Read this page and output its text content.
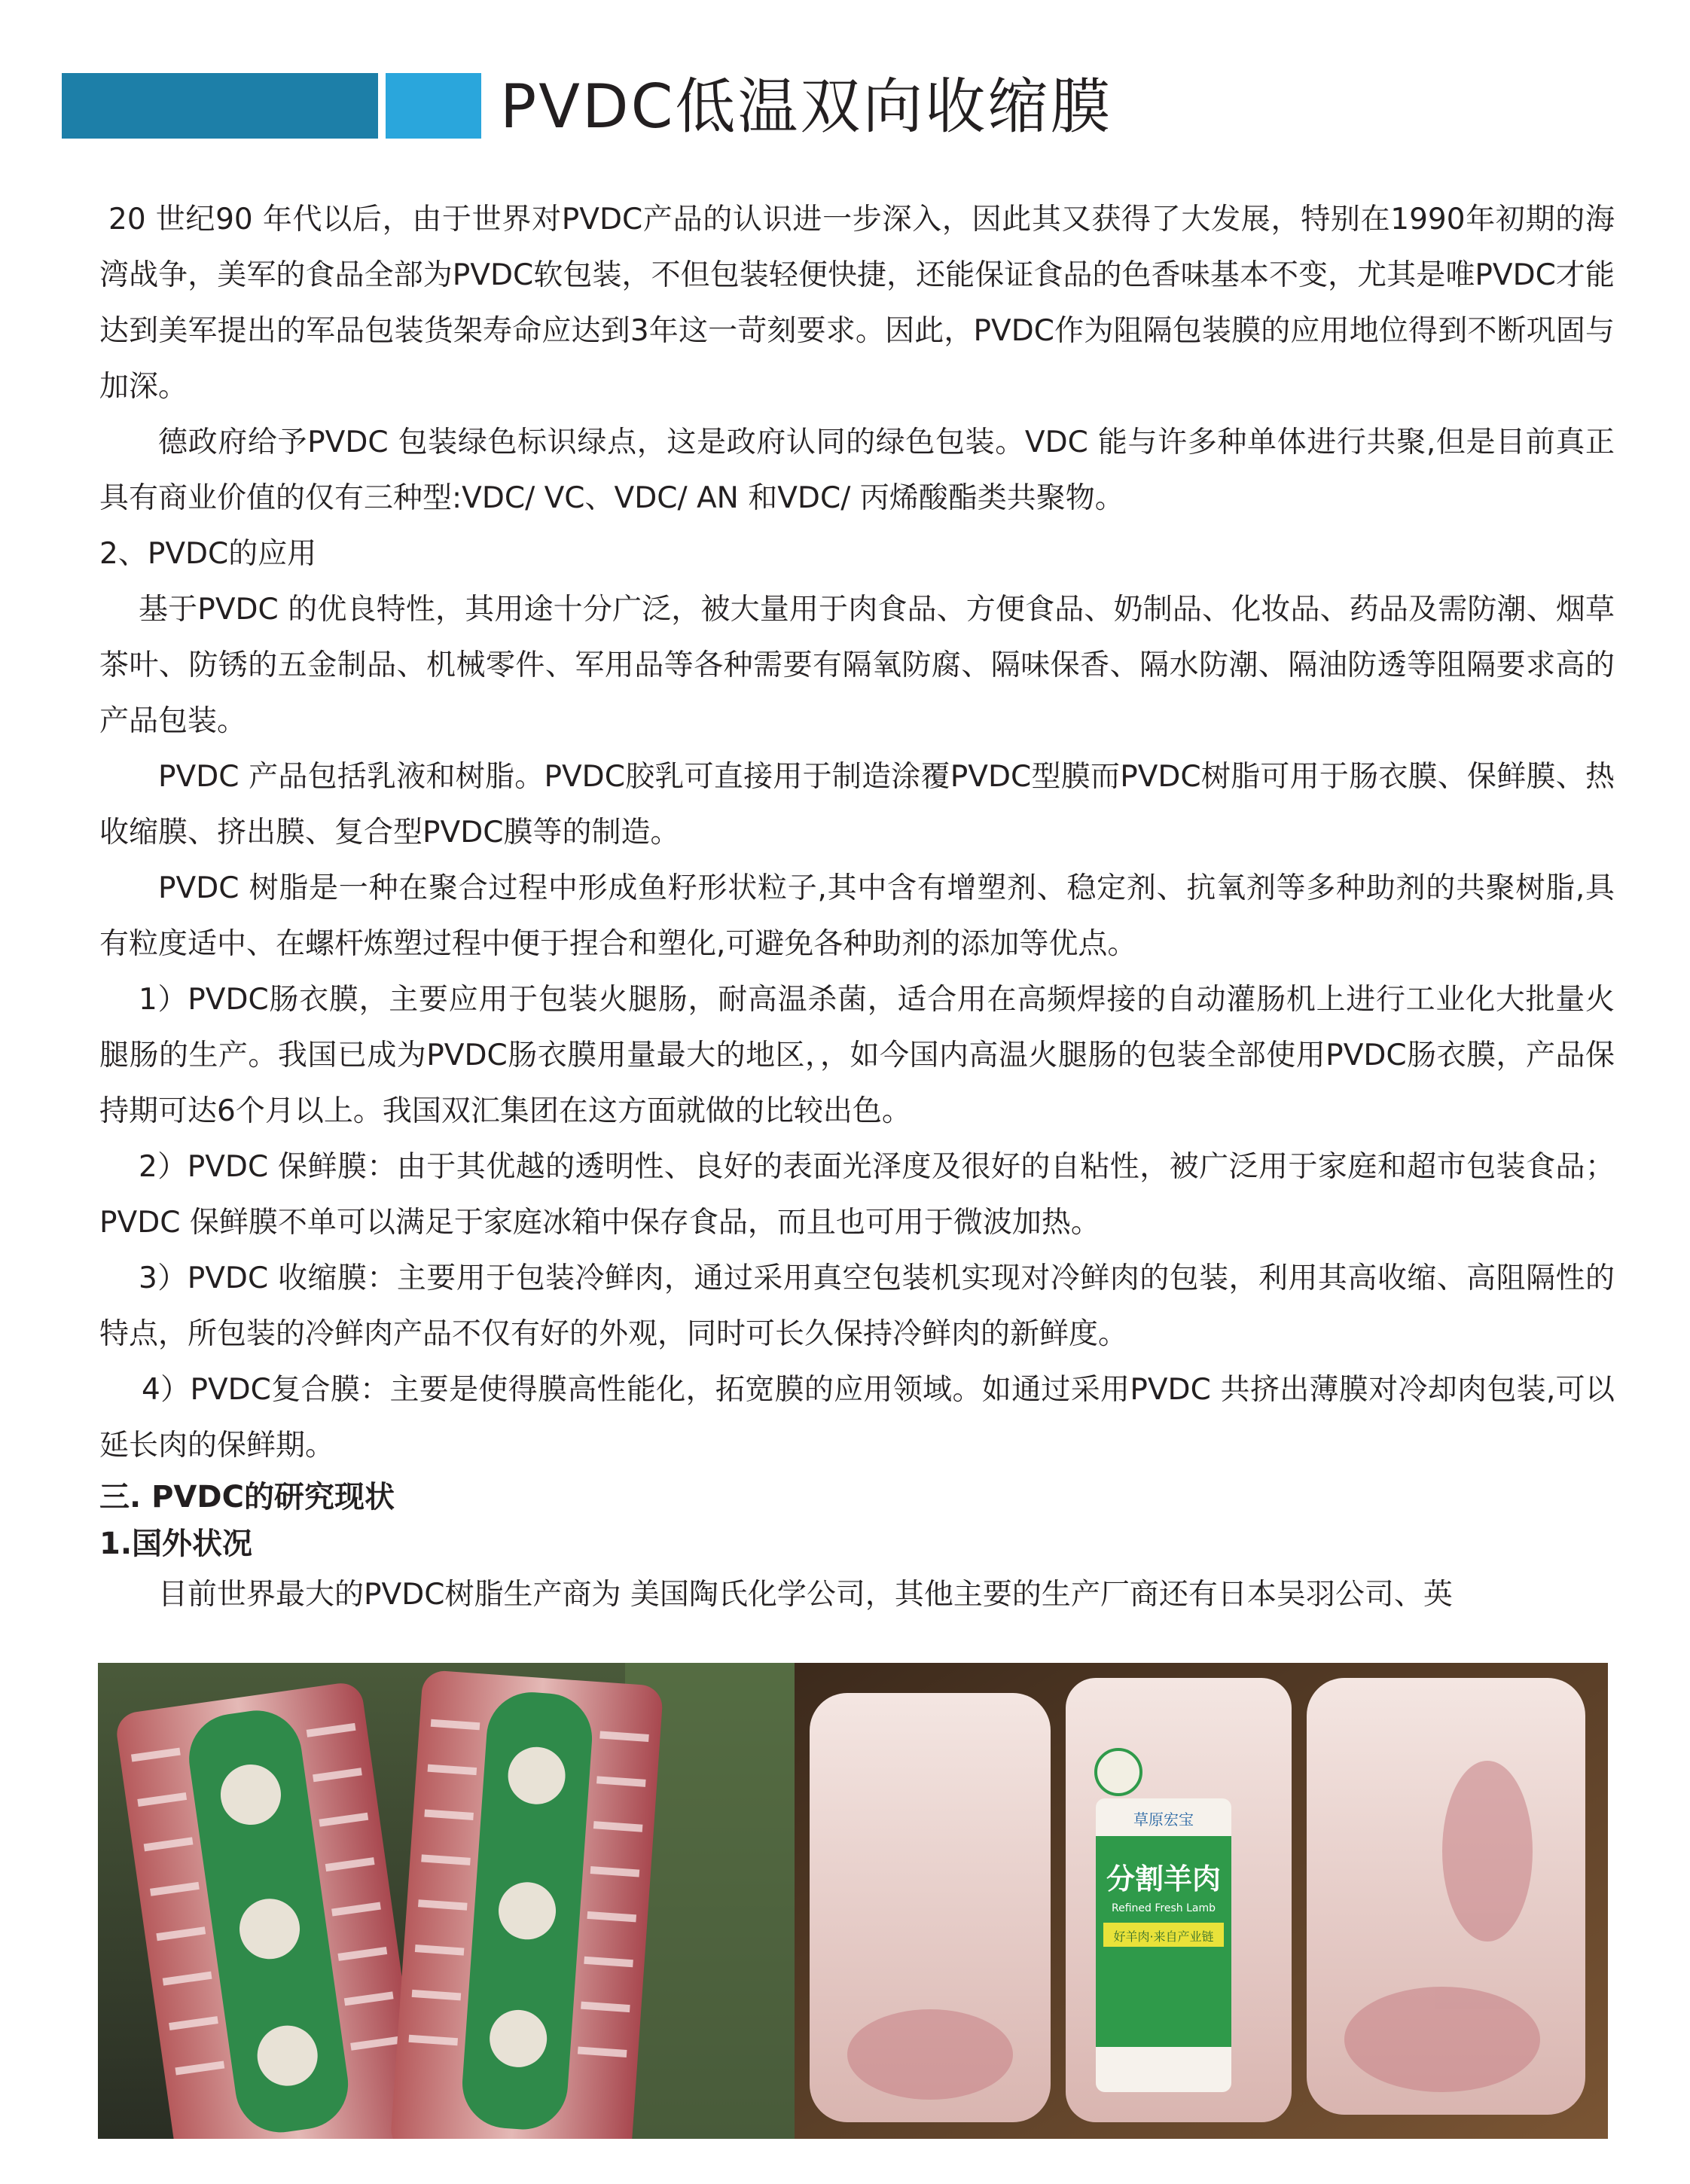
PVDC低温双向收缩膜

20 世纪90 年代以后，由于世界对PVDC产品的认识进一步深入，因此其又获得了大发展，特别在1990年初期的海湾战争，美军的食品全部为PVDC软包装，不但包装轻便快捷，还能保证食品的色香味基本不变，尤其是唯PVDC才能达到美军提出的军品包装货架寿命应达到3年这一苛刻要求。因此，PVDC作为阻隔包装膜的应用地位得到不断巩固与加深。

德政府给予PVDC 包装绿色标识绿点，这是政府认同的绿色包装。VDC 能与许多种单体进行共聚,但是目前真正具有商业价值的仅有三种型:VDC/ VC、VDC/ AN 和VDC/ 丙烯酸酯类共聚物。

2、PVDC的应用

基于PVDC 的优良特性，其用途十分广泛，被大量用于肉食品、方便食品、奶制品、化妆品、药品及需防潮、烟草茶叶、防锈的五金制品、机械零件、军用品等各种需要有隔氧防腐、隔味保香、隔水防潮、隔油防透等阻隔要求高的产品包装。

PVDC 产品包括乳液和树脂。PVDC胶乳可直接用于制造涂覆PVDC型膜而PVDC树脂可用于肠衣膜、保鲜膜、热收缩膜、挤出膜、复合型PVDC膜等的制造。

PVDC 树脂是一种在聚合过程中形成鱼籽形状粒子,其中含有增塑剂、稳定剂、抗氧剂等多种助剂的共聚树脂,具有粒度适中、在螺杆炼塑过程中便于捏合和塑化,可避免各种助剂的添加等优点。

1）PVDC肠衣膜，主要应用于包装火腿肠，耐高温杀菌，适合用在高频焊接的自动灌肠机上进行工业化大批量火腿肠的生产。我国已成为PVDC肠衣膜用量最大的地区，，如今国内高温火腿肠的包装全部使用PVDC肠衣膜，产品保持期可达6个月以上。我国双汇集团在这方面就做的比较出色。

2）PVDC 保鲜膜：由于其优越的透明性、良好的表面光泽度及很好的自粘性，被广泛用于家庭和超市包装食品；PVDC 保鲜膜不单可以满足于家庭冰箱中保存食品，而且也可用于微波加热。

3）PVDC 收缩膜：主要用于包装冷鲜肉，通过采用真空包装机实现对冷鲜肉的包装，利用其高收缩、高阻隔性的特点，所包装的冷鲜肉产品不仅有好的外观，同时可长久保持冷鲜肉的新鲜度。

4）PVDC复合膜：主要是使得膜高性能化，拓宽膜的应用领域。如通过采用PVDC 共挤出薄膜对冷却肉包装,可以延长肉的保鲜期。

三. PVDC的研究现状

1.国外状况

目前世界最大的PVDC树脂生产商为 美国陶氏化学公司，其他主要的生产厂商还有日本吴羽公司、英

草原宏宝
分割羊肉
Refined Fresh Lamb
好羊肉·来自产业链
